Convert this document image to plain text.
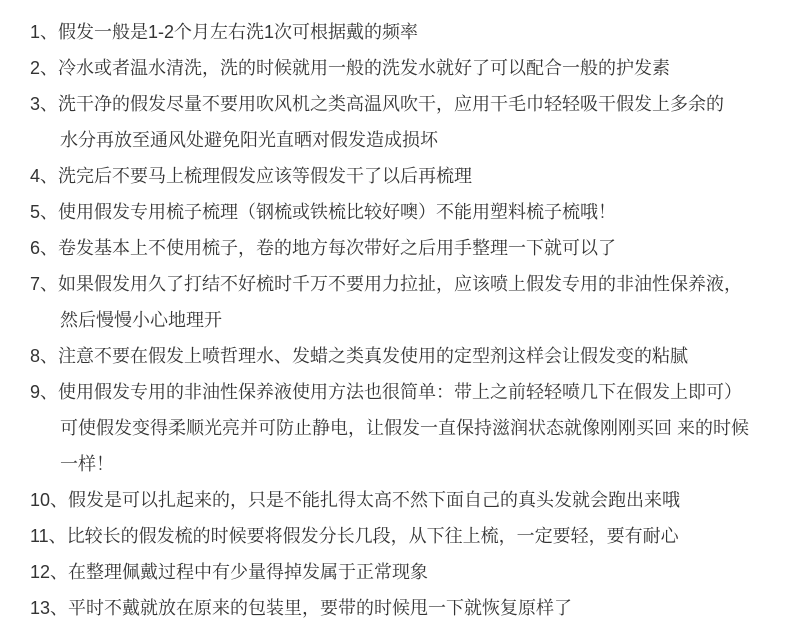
1、假发一般是1-2个月左右洗1次可根据戴的频率
2、冷水或者温水清洗，洗的时候就用一般的洗发水就好了可以配合一般的护发素
3、洗干净的假发尽量不要用吹风机之类高温风吹干，应用干毛巾轻轻吸干假发上多余的
水分再放至通风处避免阳光直晒对假发造成损坏
4、洗完后不要马上梳理假发应该等假发干了以后再梳理
5、使用假发专用梳子梳理（钢梳或铁梳比较好噢）不能用塑料梳子梳哦！
6、卷发基本上不使用梳子，卷的地方每次带好之后用手整理一下就可以了
7、如果假发用久了打结不好梳时千万不要用力拉扯，应该喷上假发专用的非油性保养液，
然后慢慢小心地理开
8、注意不要在假发上喷哲理水、发蜡之类真发使用的定型剂这样会让假发变的粘腻
9、使用假发专用的非油性保养液使用方法也很简单：带上之前轻轻喷几下在假发上即可）
可使假发变得柔顺光亮并可防止静电，让假发一直保持滋润状态就像刚刚买回 来的时候
一样！
10、假发是可以扎起来的，只是不能扎得太高不然下面自己的真头发就会跑出来哦
11、比较长的假发梳的时候要将假发分长几段，从下往上梳，一定要轻，要有耐心
12、在整理佩戴过程中有少量得掉发属于正常现象
13、平时不戴就放在原来的包装里，要带的时候甩一下就恢复原样了
